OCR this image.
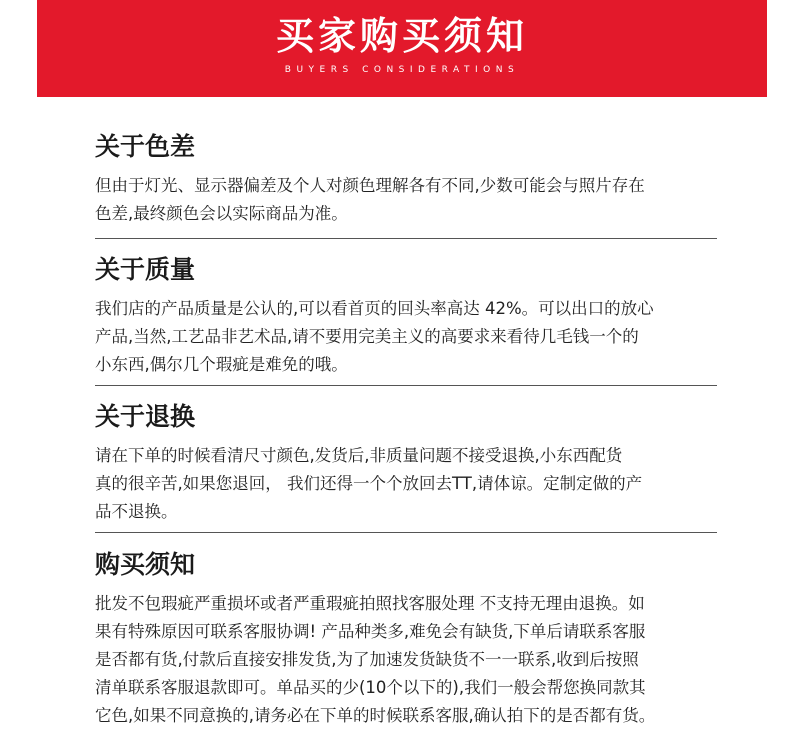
买家购买须知
BUYERS CONSIDERATIONS
关于色差

但由于灯光、显示器偏差及个人对颜色理解各有不同,少数可能会与照片存在

色差,最终颜色会以实际商品为准。

关于质量

我们店的产品质量是公认的,可以看首页的回头率高达 42%。可以出口的放心

产品,当然,工艺品非艺术品,请不要用完美主义的高要求来看待几毛钱一个的

小东西,偶尔几个瑕疵是难免的哦。

关于退换

请在下单的时候看清尺寸颜色,发货后,非质量问题不接受退换,小东西配货

真的很辛苦,如果您退回， 我们还得一个个放回去TT,请体谅。定制定做的产

品不退换。

购买须知

批发不包瑕疵严重损坏或者严重瑕疵拍照找客服处理 不支持无理由退换。如

果有特殊原因可联系客服协调! 产品种类多,难免会有缺货,下单后请联系客服

是否都有货,付款后直接安排发货,为了加速发货缺货不一一联系,收到后按照

清单联系客服退款即可。单品买的少(10个以下的),我们一般会帮您换同款其

它色,如果不同意换的,请务必在下单的时候联系客服,确认拍下的是否都有货。
